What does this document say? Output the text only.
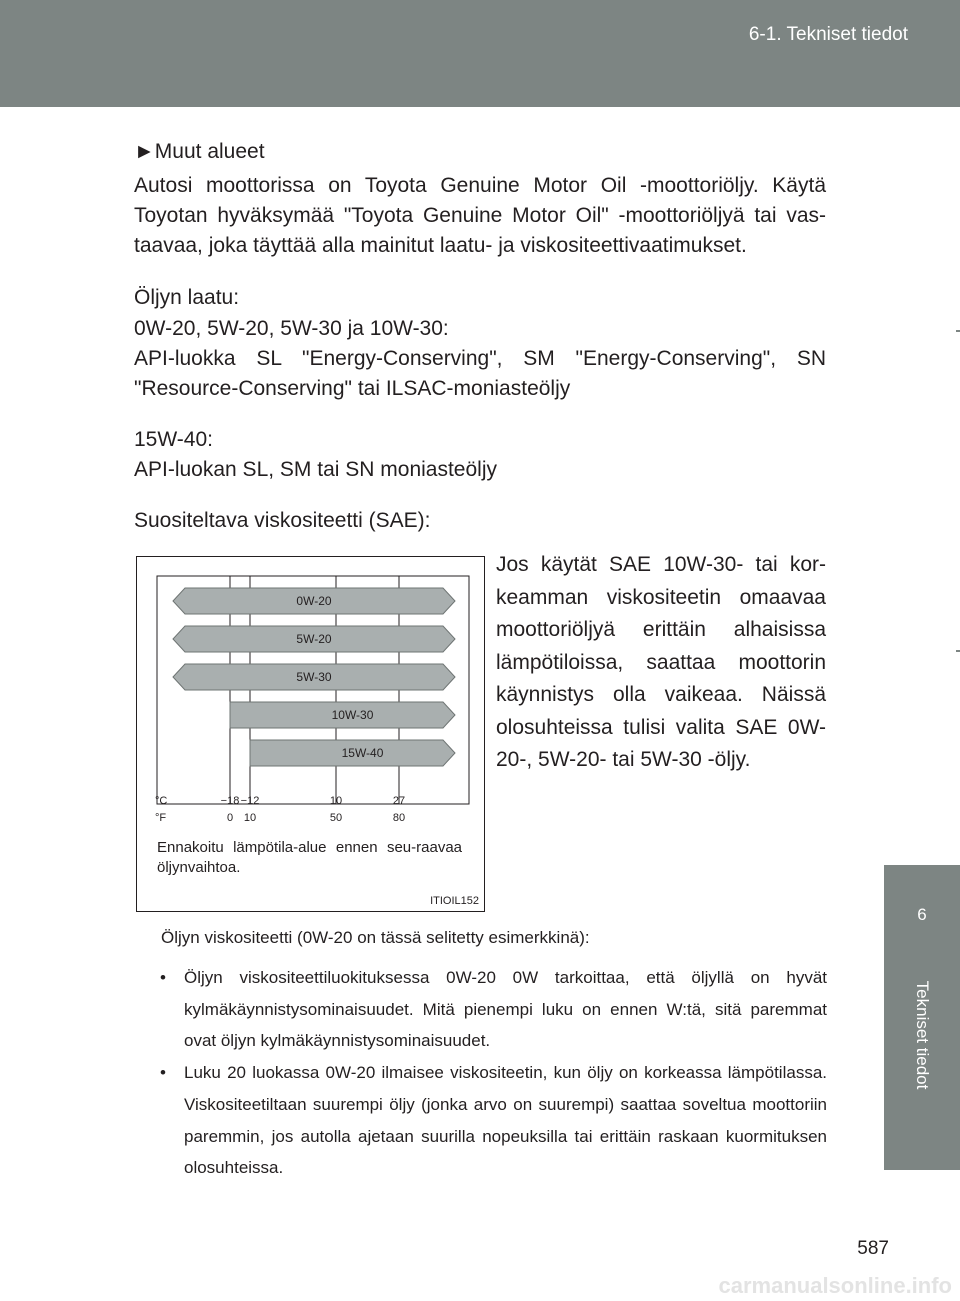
6-1. Tekniset tiedot
6
Tekniset tiedot
►Muut alueet
Autosi moottorissa on Toyota Genuine Motor Oil -moottoriöljy. Käytä Toyotan hyväksymää "Toyota Genuine Motor Oil" -moottoriöljyä tai vas-taavaa, joka täyttää alla mainitut laatu- ja viskositeettivaatimukset.
Öljyn laatu:

0W-20, 5W-20, 5W-30 ja 10W-30:

API-luokka SL "Energy-Conserving", SM "Energy-Conserving", SN "Resource-Conserving" tai ILSAC-moniasteöljy

15W-40:

API-luokan SL, SM tai SN moniasteöljy

Suositeltava viskositeetti (SAE):
0W-20
5W-20
5W-30
10W-30
15W-40
°C
°F
−18 −12	10	27
0 10	50	80
Ennakoitu lämpötila-alue ennen seu-raavaa öljynvaihtoa.
ITIOIL152
Jos käytät SAE 10W-30- tai kor-keamman viskositeetin omaavaa moottoriöljyä erittäin alhaisissa lämpötiloissa, saattaa moottorin käynnistys olla vaikeaa. Näissä olosuhteissa tulisi valita SAE 0W-20-, 5W-20- tai 5W-30 -öljy.
Öljyn viskositeetti (0W-20 on tässä selitetty esimerkkinä):
• Öljyn viskositeettiluokituksessa 0W-20 0W tarkoittaa, että öljyllä on hyvät kylmäkäynnistysominaisuudet. Mitä pienempi luku on ennen W:tä, sitä paremmat ovat öljyn kylmäkäynnistysominaisuudet.
• Luku 20 luokassa 0W-20 ilmaisee viskositeetin, kun öljy on korkeassa lämpötilassa. Viskositeetiltaan suurempi öljy (jonka arvo on suurempi) saattaa soveltua moottoriin paremmin, jos autolla ajetaan suurilla nopeuksilla tai erittäin raskaan kuormituksen olosuhteissa.
587
carmanualsonline.info
